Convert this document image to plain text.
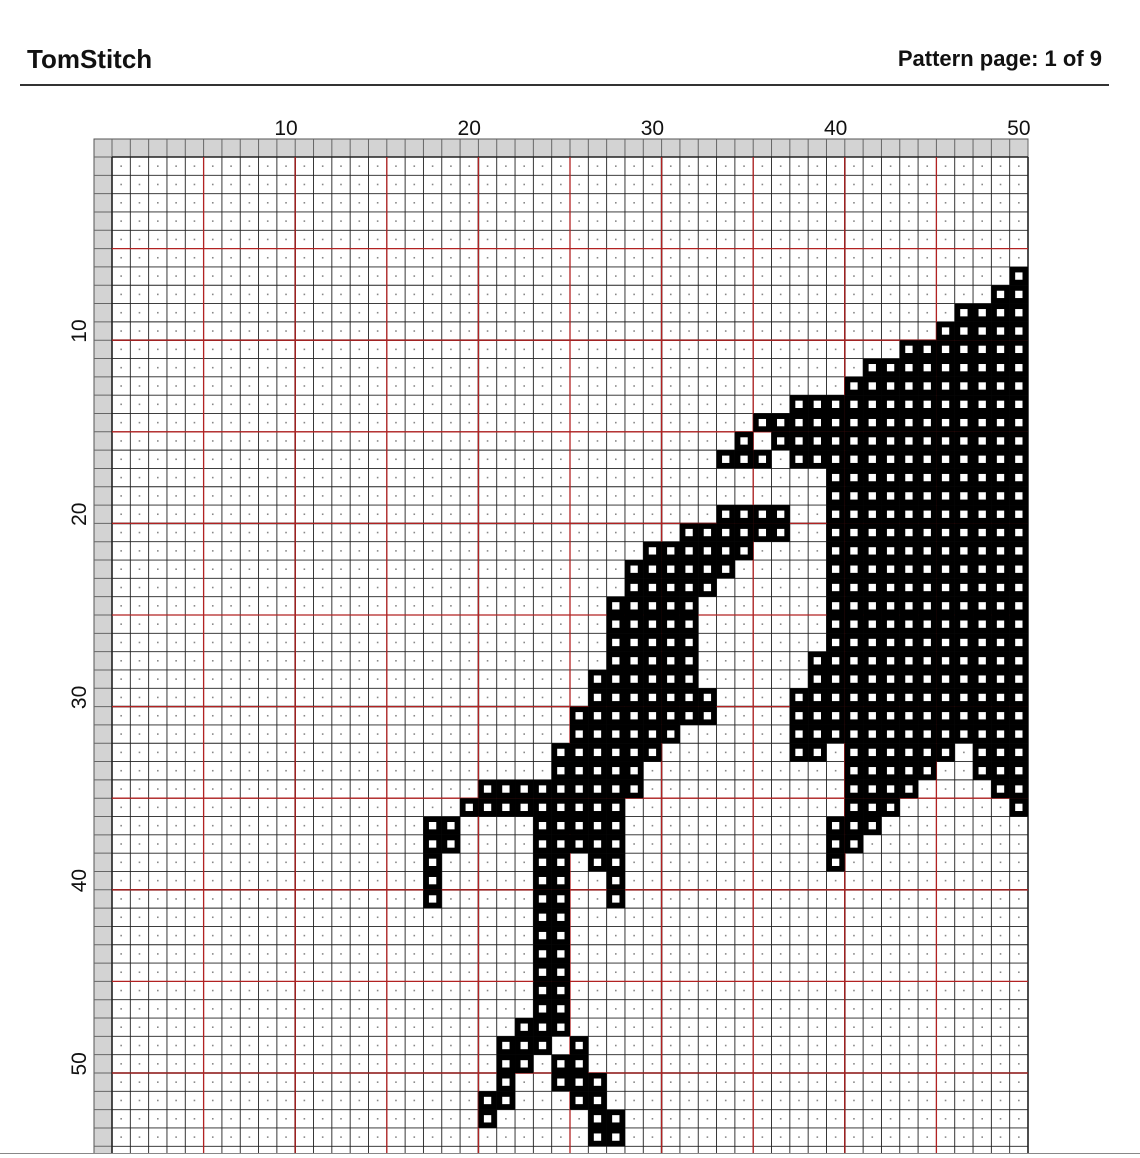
TomStitch	Pattern page: 1 of 9
10	20	30	40	50
10
20
30
40
50
